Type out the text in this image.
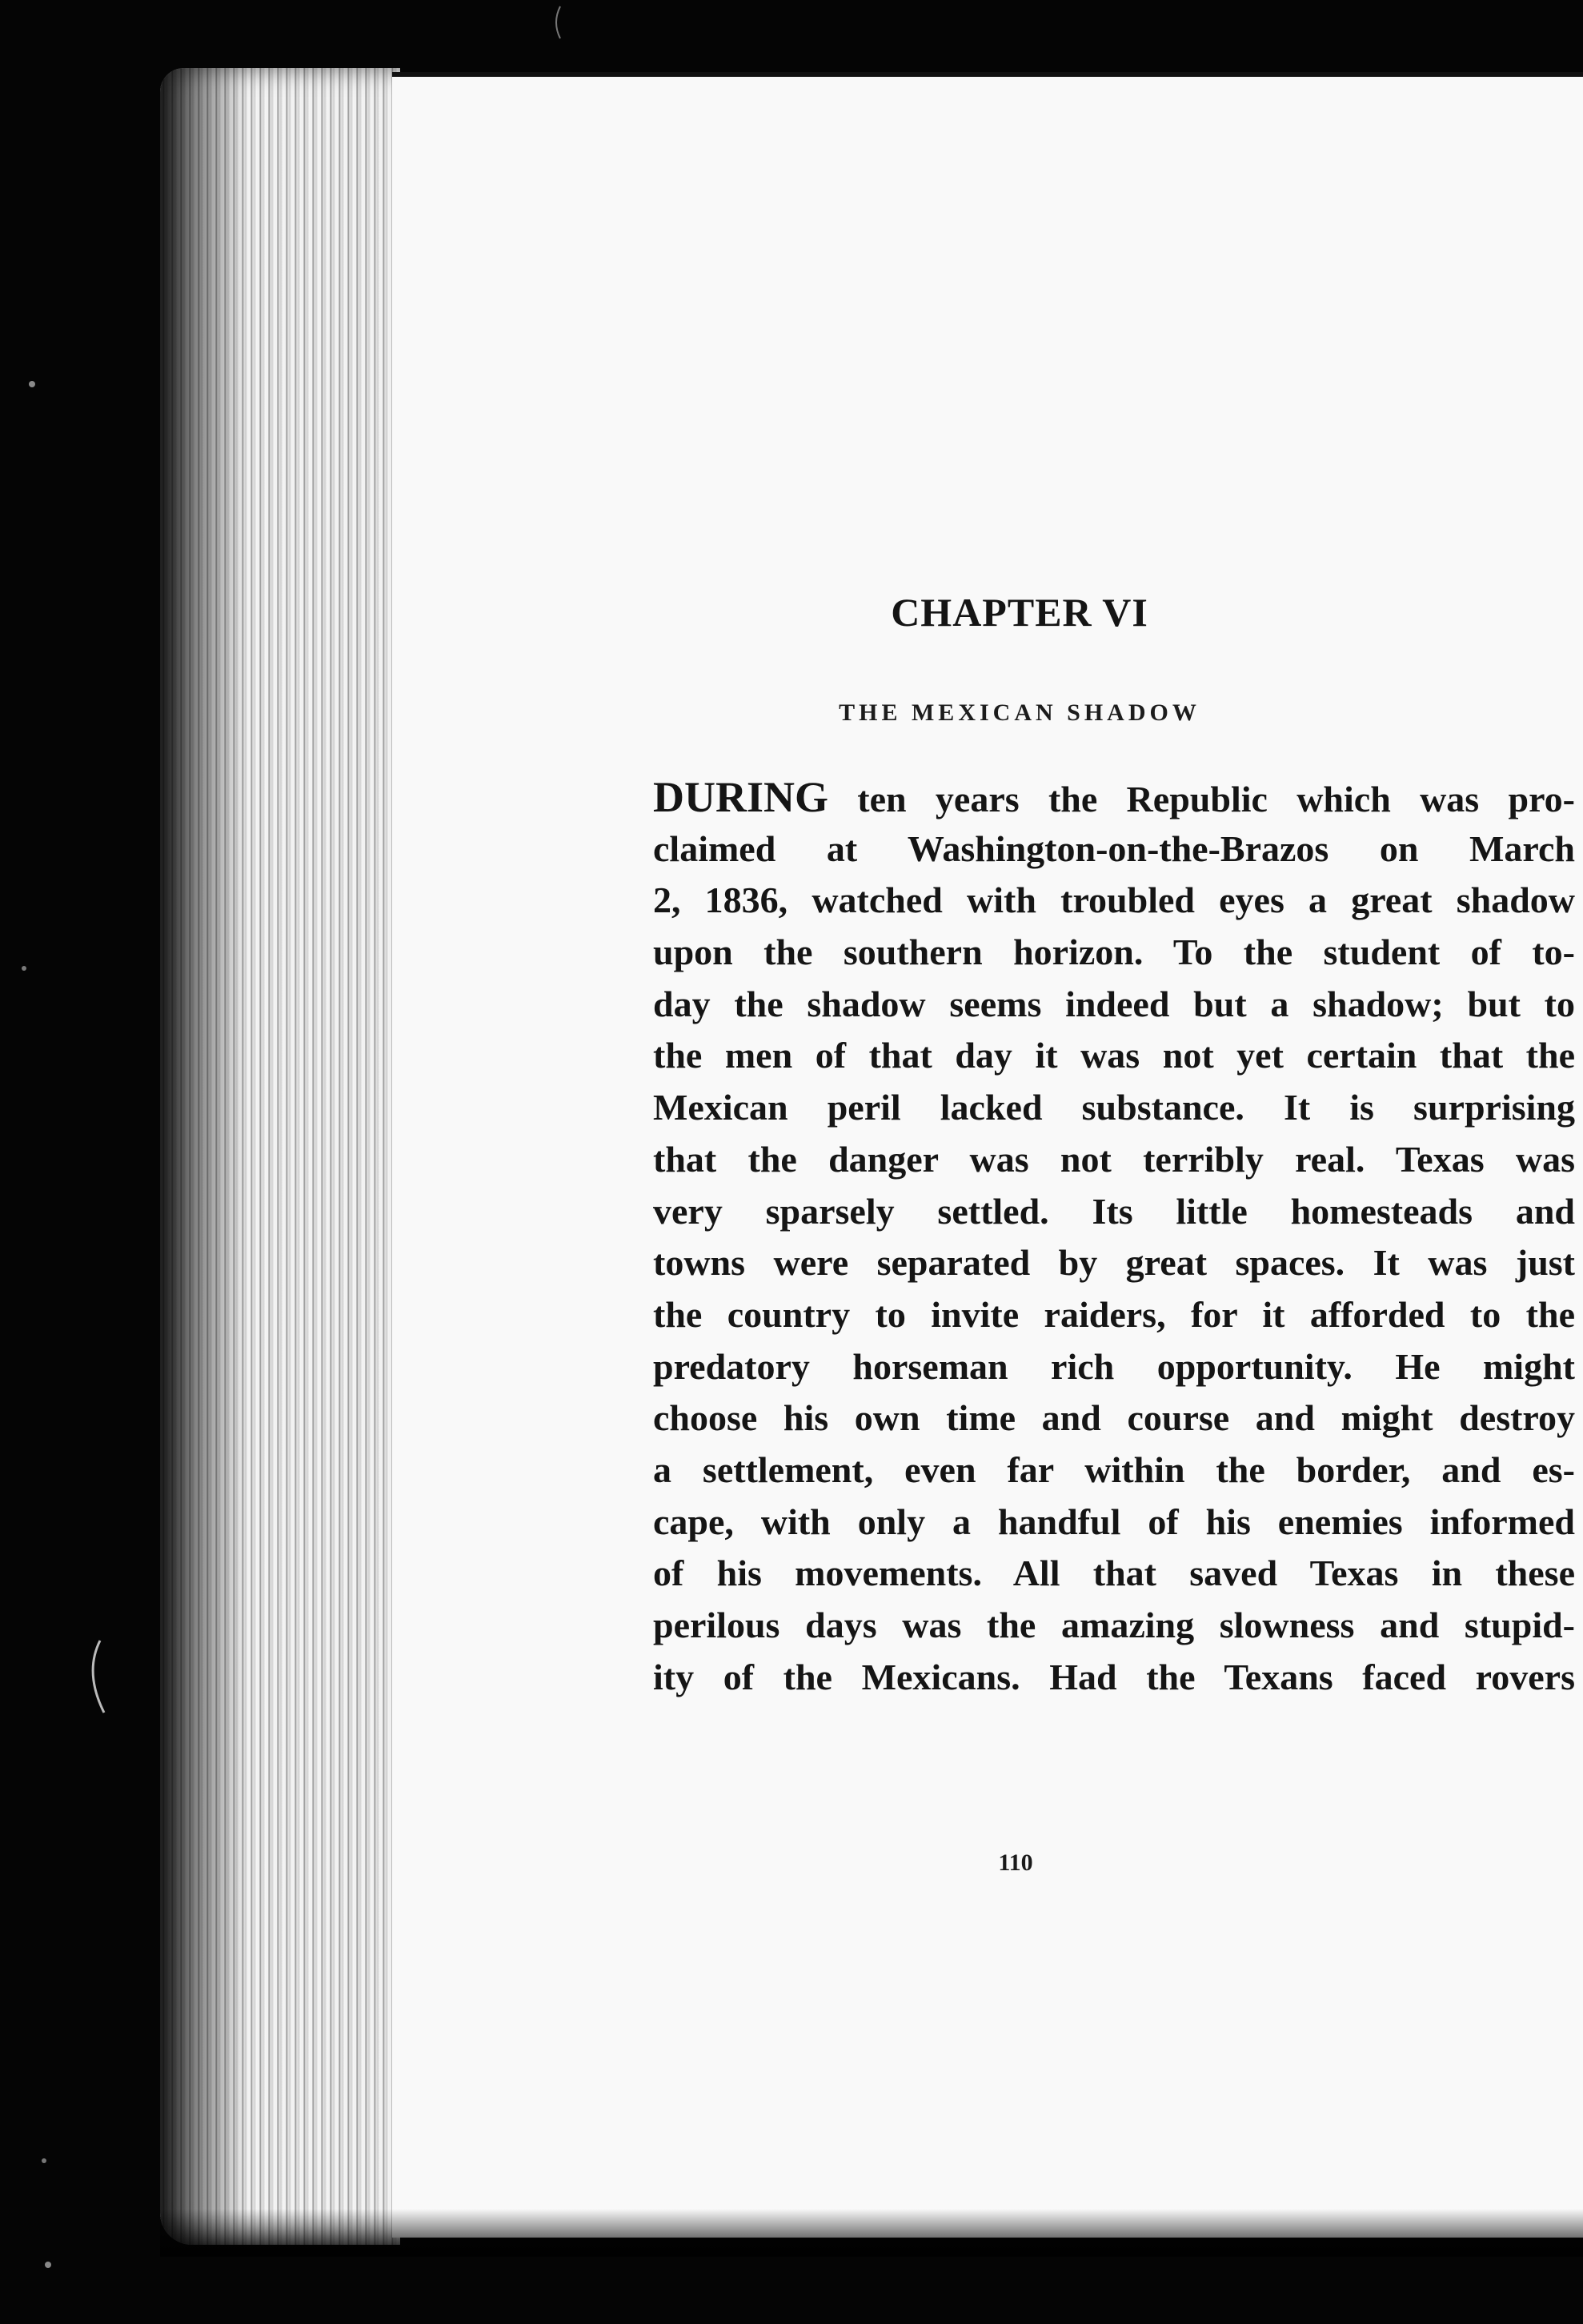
CHAPTER VI
THE MEXICAN SHADOW
DURING ten years the Republic which was pro-
claimed at Washington-on-the-Brazos on March
2, 1836, watched with troubled eyes a great shadow
upon the southern horizon. To the student of to-
day the shadow seems indeed but a shadow; but to
the men of that day it was not yet certain that the
Mexican peril lacked substance. It is surprising
that the danger was not terribly real. Texas was
very sparsely settled. Its little homesteads and
towns were separated by great spaces. It was just
the country to invite raiders, for it afforded to the
predatory horseman rich opportunity. He might
choose his own time and course and might destroy
a settlement, even far within the border, and es-
cape, with only a handful of his enemies informed
of his movements. All that saved Texas in these
perilous days was the amazing slowness and stupid-
ity of the Mexicans. Had the Texans faced rovers
110
